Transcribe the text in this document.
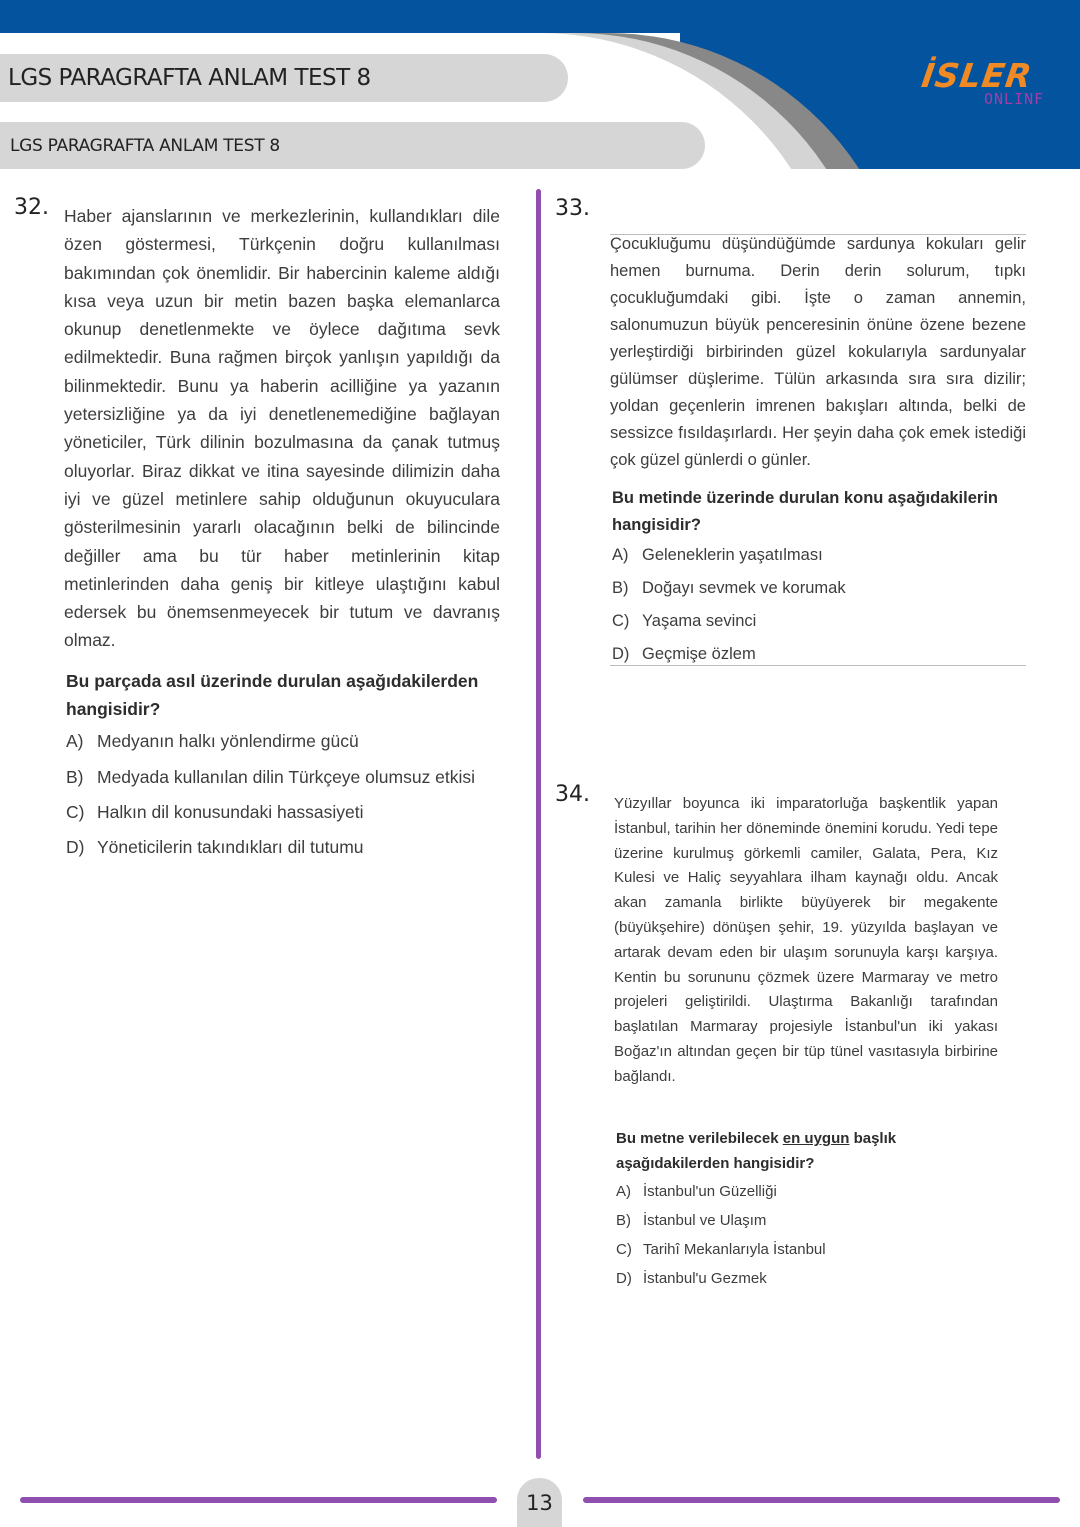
LGS PARAGRAFTA ANLAM TEST 8
LGS PARAGRAFTA ANLAM TEST 8
İSLER
ONLINF
32. Haber ajanslarının ve merkezlerinin, kullandıkları dile özen göstermesi, Türkçenin doğru kullanılması bakımından çok önemlidir. Bir habercinin kaleme aldığı kısa veya uzun bir metin bazen başka elemanlarca okunup denetlenmekte ve öylece dağıtıma sevk edilmektedir. Buna rağmen birçok yanlışın yapıldığı da bilinmektedir. Bunu ya haberin acilliğine ya yazanın yetersizliğine ya da iyi denetlenemediğine bağlayan yöneticiler, Türk dilinin bozulmasına da çanak tutmuş oluyorlar. Biraz dikkat ve itina sayesinde dilimizin daha iyi ve güzel metinlere sahip olduğunun okuyuculara gösterilmesinin yararlı olacağının belki de bilincinde değiller ama bu tür haber metinlerinin kitap metinlerinden daha geniş bir kitleye ulaştığını kabul edersek bu önemsenmeyecek bir tutum ve davranış olmaz.
Bu parçada asıl üzerinde durulan aşağıdakilerden hangisidir?
A) Medyanın halkı yönlendirme gücü
B) Medyada kullanılan dilin Türkçeye olumsuz etkisi
C) Halkın dil konusundaki hassasiyeti
D) Yöneticilerin takındıkları dil tutumu
33.
Çocukluğumu düşündüğümde sardunya kokuları gelir hemen burnuma. Derin derin solurum, tıpkı çocukluğumdaki gibi. İşte o zaman annemin, salonumuzun büyük penceresinin önüne özene bezene yerleştirdiği birbirinden güzel kokularıyla sardunyalar gülümser düşlerime. Tülün arkasında sıra sıra dizilir; yoldan geçenlerin imrenen bakışları altında, belki de sessizce fısıldaşırlardı. Her şeyin daha çok emek istediği çok güzel günlerdi o günler.
Bu metinde üzerinde durulan konu aşağıdakilerin hangisidir?
A) Geleneklerin yaşatılması
B) Doğayı sevmek ve korumak
C) Yaşama sevinci
D) Geçmişe özlem
34. Yüzyıllar boyunca iki imparatorluğa başkentlik yapan İstanbul, tarihin her döneminde önemini korudu. Yedi tepe üzerine kurulmuş görkemli camiler, Galata, Pera, Kız Kulesi ve Haliç seyyahlara ilham kaynağı oldu. Ancak akan zamanla birlikte büyüyerek bir megakente (büyükşehire) dönüşen şehir, 19. yüzyılda başlayan ve artarak devam eden bir ulaşım sorunuyla karşı karşıya. Kentin bu sorununu çözmek üzere Marmaray ve metro projeleri geliştirildi. Ulaştırma Bakanlığı tarafından başlatılan Marmaray projesiyle İstanbul'un iki yakası Boğaz'ın altından geçen bir tüp tünel vasıtasıyla birbirine bağlandı.
Bu metne verilebilecek en uygun başlık aşağıdakilerden hangisidir?
A) İstanbul'un Güzelliği
B) İstanbul ve Ulaşım
C) Tarihî Mekanlarıyla İstanbul
D) İstanbul'u Gezmek
13
